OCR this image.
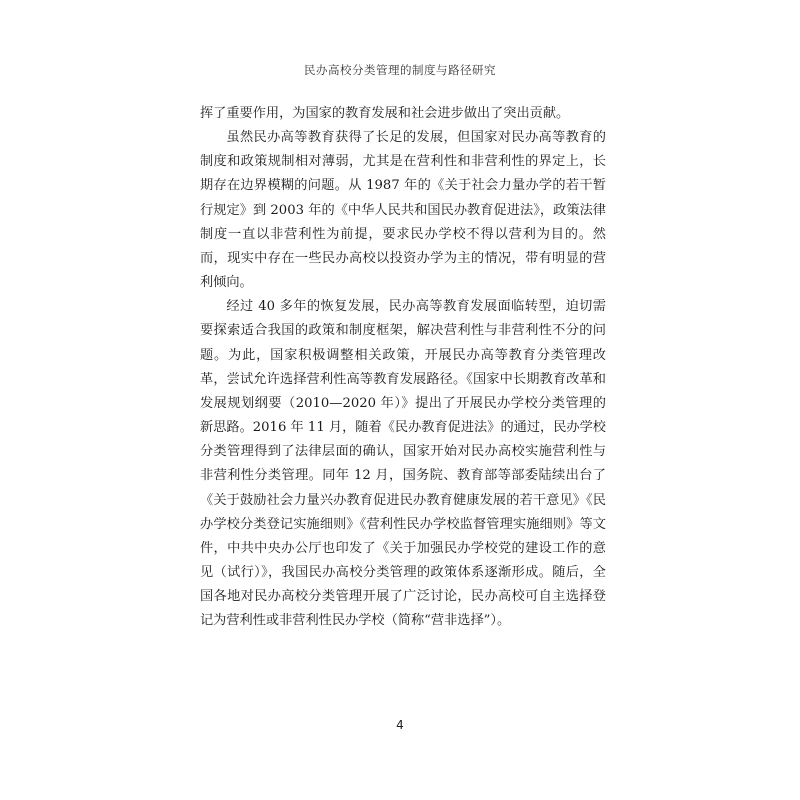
民办高校分类管理的制度与路径研究

挥了重要作用，为国家的教育发展和社会进步做出了突出贡献。

虽然民办高等教育获得了长足的发展，但国家对民办高等教育的制度和政策规制相对薄弱，尤其是在营利性和非营利性的界定上，长期存在边界模糊的问题。从 1987 年的《关于社会力量办学的若干暂行规定》到 2003 年的《中华人民共和国民办教育促进法》，政策法律制度一直以非营利性为前提，要求民办学校不得以营利为目的。然而，现实中存在一些民办高校以投资办学为主的情况，带有明显的营利倾向。

经过 40 多年的恢复发展，民办高等教育发展面临转型，迫切需要探索适合我国的政策和制度框架，解决营利性与非营利性不分的问题。为此，国家积极调整相关政策，开展民办高等教育分类管理改革，尝试允许选择营利性高等教育发展路径。《国家中长期教育改革和发展规划纲要（2010—2020 年）》提出了开展民办学校分类管理的新思路。2016 年 11 月，随着《民办教育促进法》的通过，民办学校分类管理得到了法律层面的确认，国家开始对民办高校实施营利性与非营利性分类管理。同年 12 月，国务院、教育部等部委陆续出台了《关于鼓励社会力量兴办教育促进民办教育健康发展的若干意见》《民办学校分类登记实施细则》《营利性民办学校监督管理实施细则》等文件，中共中央办公厅也印发了《关于加强民办学校党的建设工作的意见（试行）》，我国民办高校分类管理的政策体系逐渐形成。随后，全国各地对民办高校分类管理开展了广泛讨论，民办高校可自主选择登记为营利性或非营利性民办学校（简称“营非选择”）。

4
